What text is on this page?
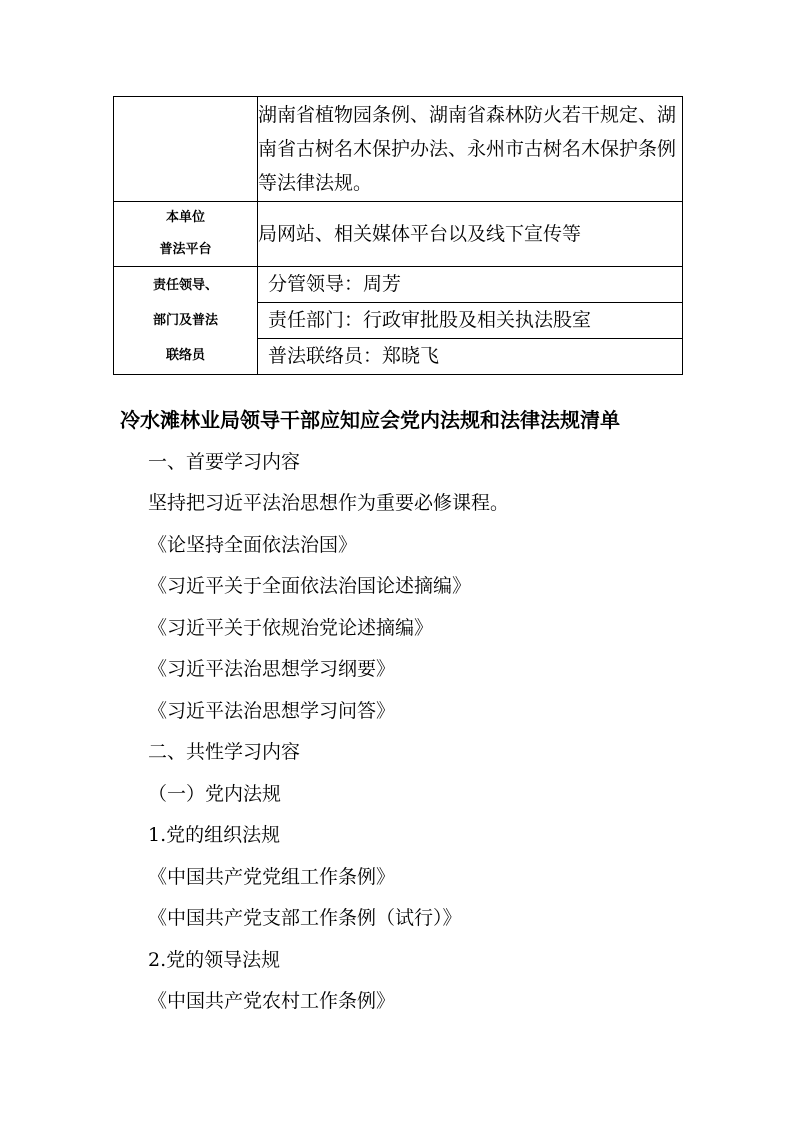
	湖南省植物园条例、湖南省森林防火若干规定、湖南省古树名木保护办法、永州市古树名木保护条例等法律法规。

本单位
普法平台	局网站、相关媒体平台以及线下宣传等

责任领导、
部门及普法
联络员	分管领导：周芳
责任部门：行政审批股及相关执法股室
普法联络员：郑晓飞
冷水滩林业局领导干部应知应会党内法规和法律法规清单
一、首要学习内容
坚持把习近平法治思想作为重要必修课程。
《论坚持全面依法治国》
《习近平关于全面依法治国论述摘编》
《习近平关于依规治党论述摘编》
《习近平法治思想学习纲要》
《习近平法治思想学习问答》
二、共性学习内容
（一）党内法规
1.党的组织法规
《中国共产党党组工作条例》
《中国共产党支部工作条例（试行）》
2.党的领导法规
《中国共产党农村工作条例》
